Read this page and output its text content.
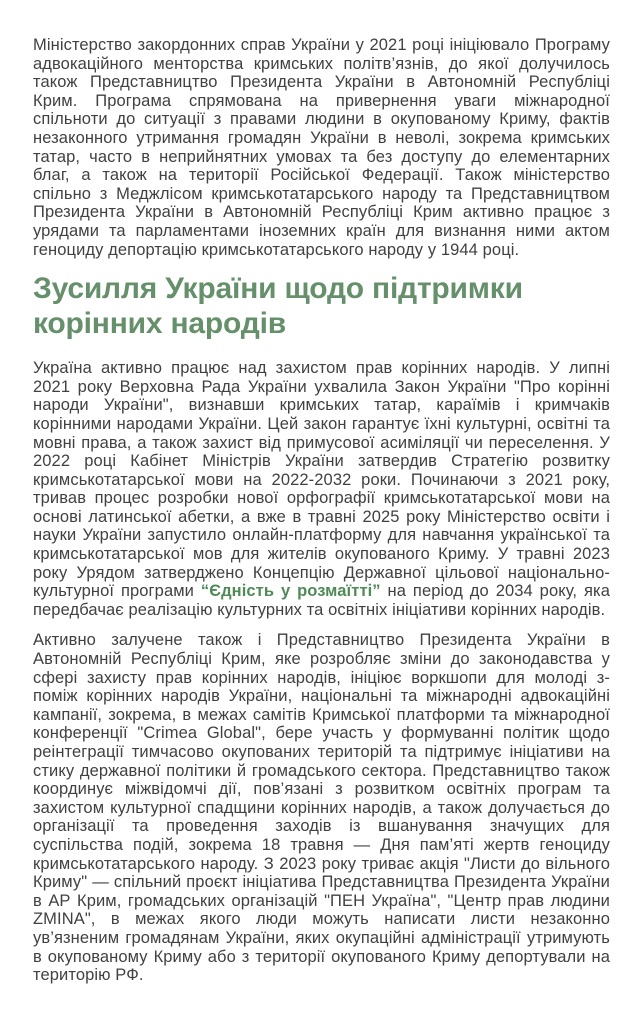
Міністерство закордонних справ України у 2021 році ініціювало Програму адвокаційного менторства кримських політв’язнів, до якої долучилось також Представництво Президента України в Автономній Республіці Крим. Програма спрямована на привернення уваги міжнародної спільноти до ситуації з правами людини в окупованому Криму, фактів незаконного утримання громадян України в неволі, зокрема кримських татар, часто в неприйнятних умовах та без доступу до елементарних благ, а також на території Російської Федерації. Також міністерство спільно з Меджлісом кримськотатарського народу та Представництвом Президента України в Автономній Республіці Крим активно працює з урядами та парламентами іноземних країн для визнання ними актом геноциду депортацію кримськотатарського народу у 1944 році.

Зусилля України щодо підтримки корінних народів

Україна активно працює над захистом прав корінних народів. У липні 2021 року Верховна Рада України ухвалила Закон України "Про корінні народи України", визнавши кримських татар, караїмів і кримчаків корінними народами України. Цей закон гарантує їхні культурні, освітні та мовні права, а також захист від примусової асиміляції чи переселення. У 2022 році Кабінет Міністрів України затвердив Стратегію розвитку кримськотатарської мови на 2022-2032 роки. Починаючи з 2021 року, тривав процес розробки нової орфографії кримськотатарської мови на основі латинської абетки, а вже в травні 2025 року Міністерство освіти і науки України запустило онлайн-платформу для навчання української та кримськотатарської мов для жителів окупованого Криму. У травні 2023 року Урядом затверджено Концепцію Державної цільової національно-культурної програми “Єдність у розмаїтті” на період до 2034 року, яка передбачає реалізацію культурних та освітніх ініціативи корінних народів.

Активно залучене також і Представництво Президента України в Автономній Республіці Крим, яке розробляє зміни до законодавства у сфері захисту прав корінних народів, ініціює воркшопи для молоді з-поміж корінних народів України, національні та міжнародні адвокаційні кампанії, зокрема, в межах самітів Кримської платформи та міжнародної конференції "Crimea Global", бере участь у формуванні політик щодо реінтеграції тимчасово окупованих територій та підтримує ініціативи на стику державної політики й громадського сектора. Представництво також координує міжвідомчі дії, пов’язані з розвитком освітніх програм та захистом культурної спадщини корінних народів, а також долучається до організації та проведення заходів із вшанування значущих для суспільства подій, зокрема 18 травня — Дня пам’яті жертв геноциду кримськотатарського народу. З 2023 року триває акція "Листи до вільного Криму" — спільний проєкт ініціатива Представництва Президента України в АР Крим, громадських організацій "ПЕН Україна", "Центр прав людини ZMINA", в межах якого люди можуть написати листи незаконно ув’язненим громадянам України, яких окупаційні адміністрації утримують в окупованому Криму або з території окупованого Криму депортували на територію РФ.
